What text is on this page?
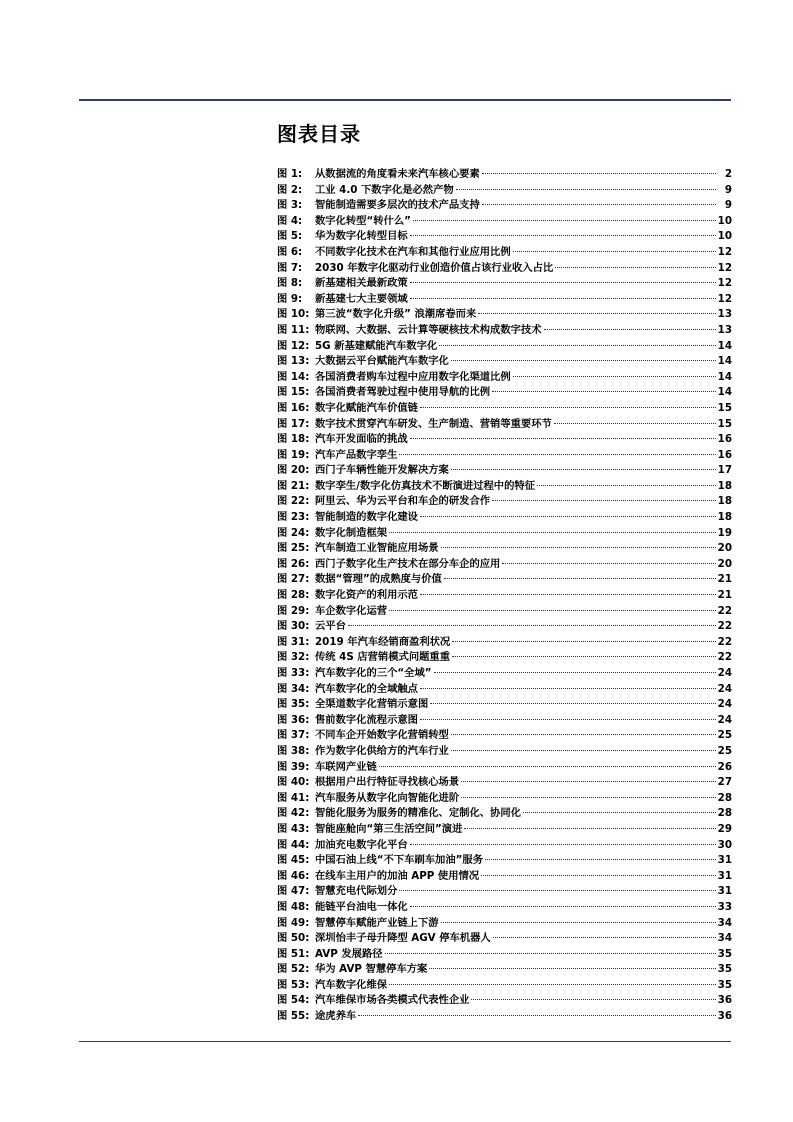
图表目录
图 1:	从数据流的角度看未来汽车核心要素	2
图 2:	工业 4.0 下数字化是必然产物	9
图 3:	智能制造需要多层次的技术产品支持	9
图 4:	数字化转型“转什么”	10
图 5:	华为数字化转型目标	10
图 6:	不同数字化技术在汽车和其他行业应用比例	12
图 7:	2030 年数字化驱动行业创造价值占该行业收入占比	12
图 8:	新基建相关最新政策	12
图 9:	新基建七大主要领域	12
图 10: 第三波“数字化升级” 浪潮席卷而来	13
图 11: 物联网、大数据、云计算等硬核技术构成数字技术	13
图 12: 5G 新基建赋能汽车数字化	14
图 13: 大数据云平台赋能汽车数字化	14
图 14: 各国消费者购车过程中应用数字化渠道比例	14
图 15: 各国消费者驾驶过程中使用导航的比例	14
图 16: 数字化赋能汽车价值链	15
图 17: 数字技术贯穿汽车研发、生产制造、营销等重要环节	15
图 18: 汽车开发面临的挑战	16
图 19: 汽车产品数字孪生	16
图 20: 西门子车辆性能开发解决方案	17
图 21: 数字孪生/数字化仿真技术不断演进过程中的特征	18
图 22: 阿里云、华为云平台和车企的研发合作	18
图 23: 智能制造的数字化建设	18
图 24: 数字化制造框架	19
图 25: 汽车制造工业智能应用场景	20
图 26: 西门子数字化生产技术在部分车企的应用	20
图 27: 数据“管理”的成熟度与价值	21
图 28: 数字化资产的利用示范	21
图 29: 车企数字化运营	22
图 30: 云平台	22
图 31: 2019 年汽车经销商盈利状况	22
图 32: 传统 4S 店营销模式问题重重	22
图 33: 汽车数字化的三个“全域”	24
图 34: 汽车数字化的全域触点	24
图 35: 全渠道数字化营销示意图	24
图 36: 售前数字化流程示意图	24
图 37: 不同车企开始数字化营销转型	25
图 38: 作为数字化供给方的汽车行业	25
图 39: 车联网产业链	26
图 40: 根据用户出行特征寻找核心场景	27
图 41: 汽车服务从数字化向智能化进阶	28
图 42: 智能化服务为服务的精准化、定制化、协同化	28
图 43: 智能座舱向“第三生活空间”演进	29
图 44: 加油充电数字化平台	30
图 45: 中国石油上线“不下车刷车加油”服务	31
图 46: 在线车主用户的加油 APP 使用情况	31
图 47: 智慧充电代际划分	31
图 48: 能链平台油电一体化	33
图 49: 智慧停车赋能产业链上下游	34
图 50: 深圳怡丰子母升降型 AGV 停车机器人	34
图 51: AVP 发展路径	35
图 52: 华为 AVP 智慧停车方案	35
图 53: 汽车数字化维保	35
图 54: 汽车维保市场各类模式代表性企业	36
图 55: 途虎养车	36
